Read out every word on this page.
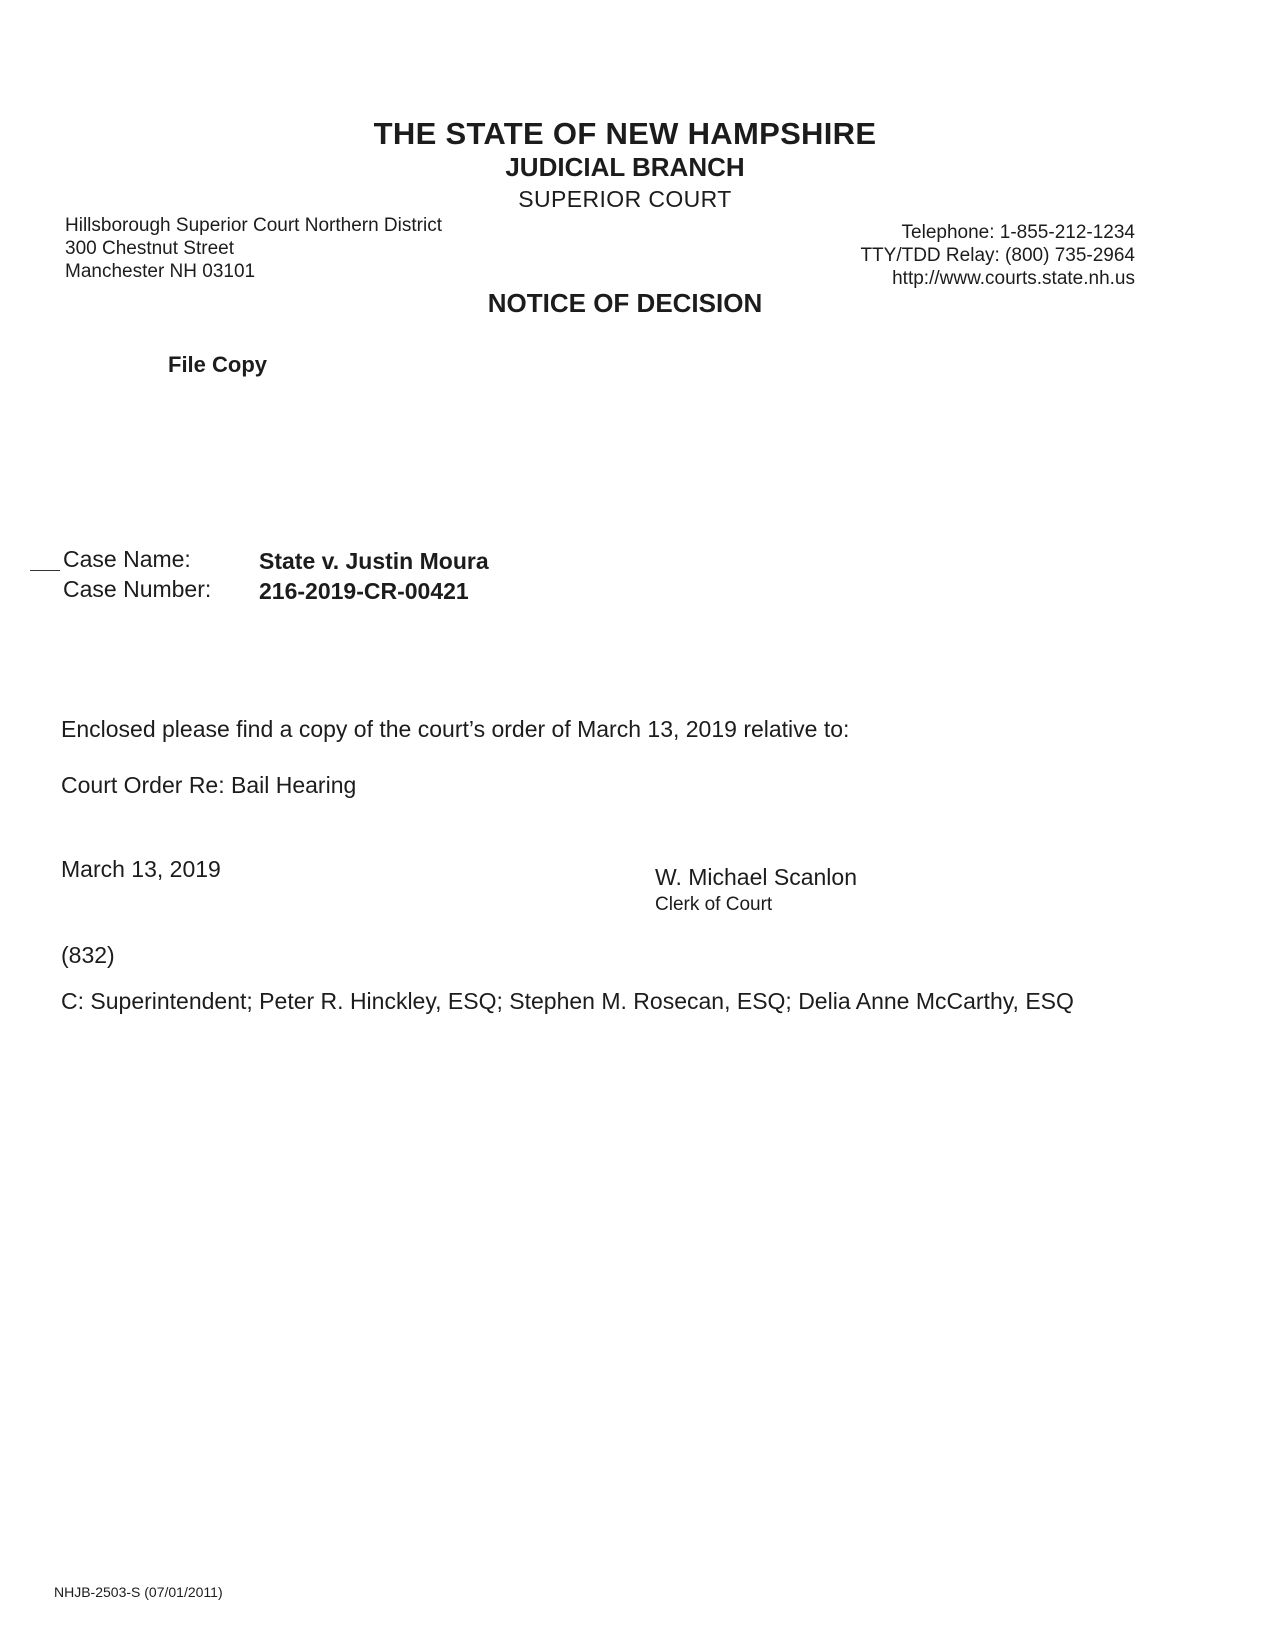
THE STATE OF NEW HAMPSHIRE
JUDICIAL BRANCH
SUPERIOR COURT
Hillsborough Superior Court Northern District
300 Chestnut Street
Manchester NH 03101
Telephone: 1-855-212-1234
TTY/TDD Relay: (800) 735-2964
http://www.courts.state.nh.us
NOTICE OF DECISION
File Copy
Case Name:	State v. Justin Moura
Case Number: 216-2019-CR-00421
Enclosed please find a copy of the court’s order of March 13, 2019 relative to:
Court Order Re: Bail Hearing
March 13, 2019	W. Michael Scanlon
Clerk of Court
(832)
C: Superintendent; Peter R. Hinckley, ESQ; Stephen M. Rosecan, ESQ; Delia Anne McCarthy, ESQ
NHJB-2503-S (07/01/2011)
